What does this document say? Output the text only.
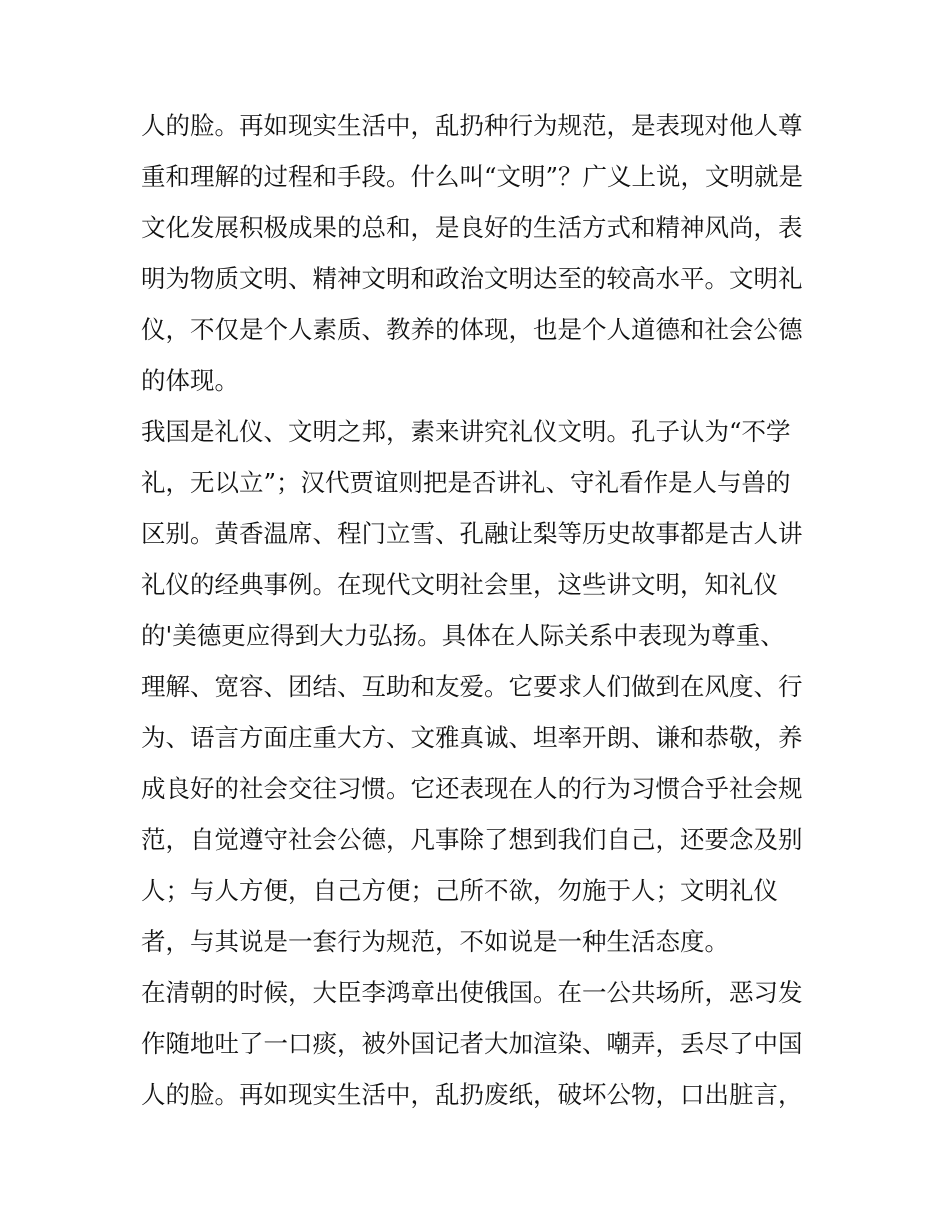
人的脸。再如现实生活中，乱扔种行为规范，是表现对他人尊
重和理解的过程和手段。什么叫“文明”？广义上说，文明就是
文化发展积极成果的总和，是良好的生活方式和精神风尚，表
明为物质文明、精神文明和政治文明达至的较高水平。文明礼
仪，不仅是个人素质、教养的体现，也是个人道德和社会公德
的体现。
我国是礼仪、文明之邦，素来讲究礼仪文明。孔子认为“不学
礼，无以立”；汉代贾谊则把是否讲礼、守礼看作是人与兽的
区别。黄香温席、程门立雪、孔融让梨等历史故事都是古人讲
礼仪的经典事例。在现代文明社会里，这些讲文明，知礼仪
的'美德更应得到大力弘扬。具体在人际关系中表现为尊重、
理解、宽容、团结、互助和友爱。它要求人们做到在风度、行
为、语言方面庄重大方、文雅真诚、坦率开朗、谦和恭敬，养
成良好的社会交往习惯。它还表现在人的行为习惯合乎社会规
范，自觉遵守社会公德，凡事除了想到我们自己，还要念及别
人；与人方便，自己方便；己所不欲，勿施于人；文明礼仪
者，与其说是一套行为规范，不如说是一种生活态度。
在清朝的时候，大臣李鸿章出使俄国。在一公共场所，恶习发
作随地吐了一口痰，被外国记者大加渲染、嘲弄，丢尽了中国
人的脸。再如现实生活中，乱扔废纸，破坏公物，口出脏言，
